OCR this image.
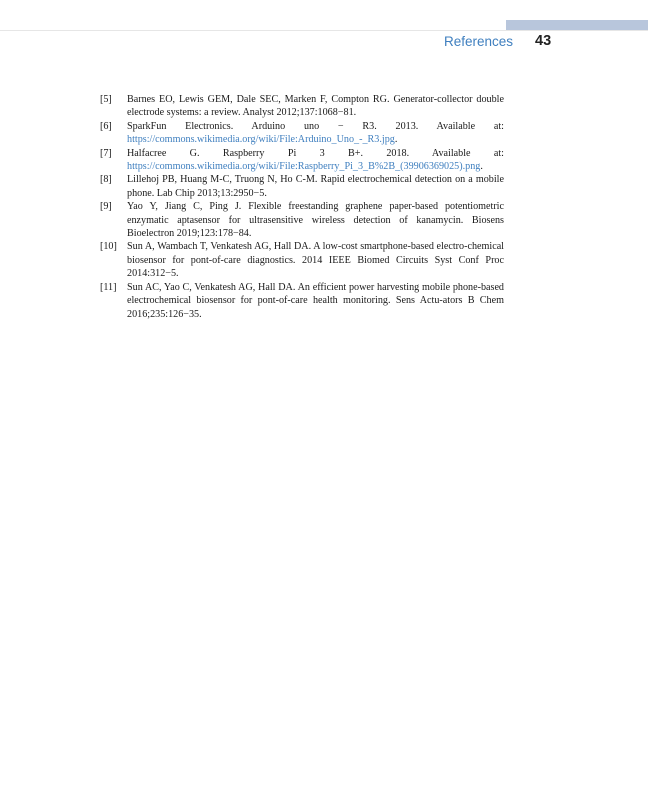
References 43
[5]	Barnes EO, Lewis GEM, Dale SEC, Marken F, Compton RG. Generator-collector double electrode systems: a review. Analyst 2012;137:1068−81.
[6]	SparkFun Electronics. Arduino uno − R3. 2013. Available at: https://commons.wikimedia.org/wiki/File:Arduino_Uno_-_R3.jpg.
[7]	Halfacree G. Raspberry Pi 3 B+. 2018. Available at: https://commons.wikimedia.org/wiki/File:Raspberry_Pi_3_B%2B_(39906369025).png.
[8]	Lillehoj PB, Huang M-C, Truong N, Ho C-M. Rapid electrochemical detection on a mobile phone. Lab Chip 2013;13:2950−5.
[9]	Yao Y, Jiang C, Ping J. Flexible freestanding graphene paper-based potentiometric enzymatic aptasensor for ultrasensitive wireless detection of kanamycin. Biosens Bioelectron 2019;123:178−84.
[10] Sun A, Wambach T, Venkatesh AG, Hall DA. A low-cost smartphone-based electro-chemical biosensor for pont-of-care diagnostics. 2014 IEEE Biomed Circuits Syst Conf Proc 2014:312−5.
[11]	Sun AC, Yao C, Venkatesh AG, Hall DA. An efficient power harvesting mobile phone-based electrochemical biosensor for pont-of-care health monitoring. Sens Actu-ators B Chem 2016;235:126−35.
